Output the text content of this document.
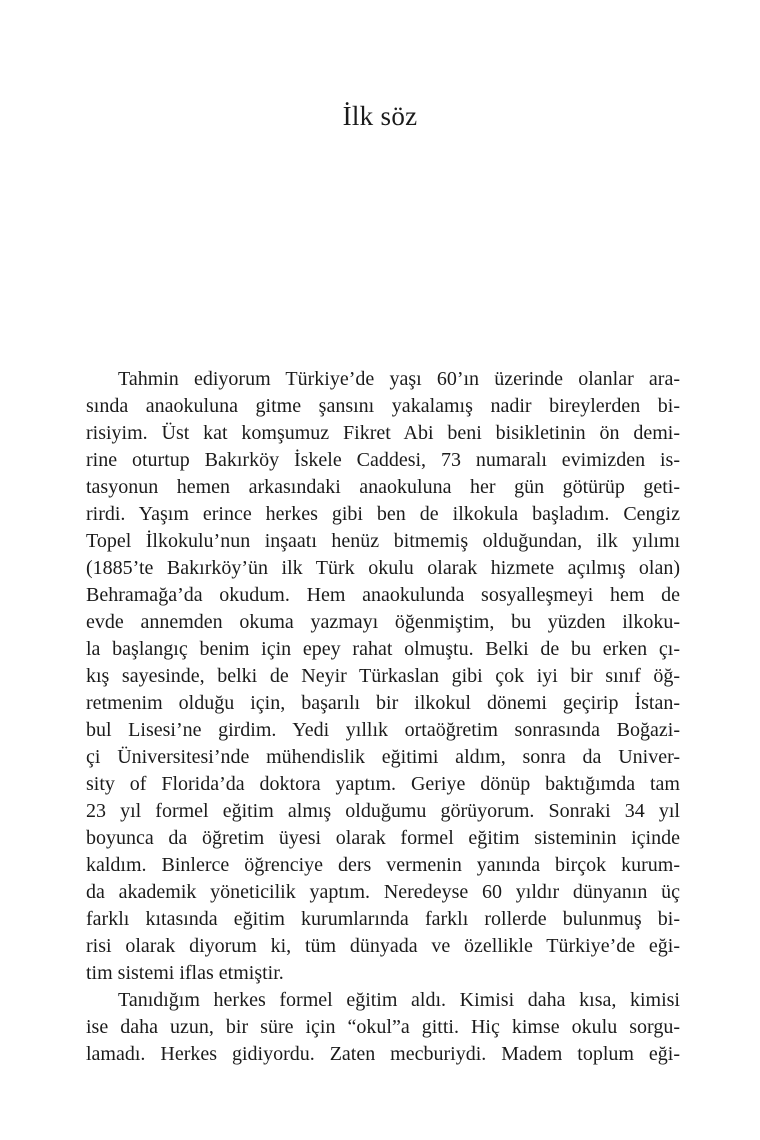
İlk söz
Tahmin ediyorum Türkiye’de yaşı 60’ın üzerinde olanlar ara-
sında anaokuluna gitme şansını yakalamış nadir bireylerden bi-
risiyim. Üst kat komşumuz Fikret Abi beni bisikletinin ön demi-
rine oturtup Bakırköy İskele Caddesi, 73 numaralı evimizden is-
tasyonun hemen arkasındaki anaokuluna her gün götürüp geti-
rirdi. Yaşım erince herkes gibi ben de ilkokula başladım. Cengiz
Topel İlkokulu’nun inşaatı henüz bitmemiş olduğundan, ilk yılımı
(1885’te Bakırköy’ün ilk Türk okulu olarak hizmete açılmış olan)
Behramağa’da okudum. Hem anaokulunda sosyalleşmeyi hem de
evde annemden okuma yazmayı öğenmiştim, bu yüzden ilkoku-
la başlangıç benim için epey rahat olmuştu. Belki de bu erken çı-
kış sayesinde, belki de Neyir Türkaslan gibi çok iyi bir sınıf öğ-
retmenim olduğu için, başarılı bir ilkokul dönemi geçirip İstan-
bul Lisesi’ne girdim. Yedi yıllık ortaöğretim sonrasında Boğazi-
çi Üniversitesi’nde mühendislik eğitimi aldım, sonra da Univer-
sity of Florida’da doktora yaptım. Geriye dönüp baktığımda tam
23 yıl formel eğitim almış olduğumu görüyorum. Sonraki 34 yıl
boyunca da öğretim üyesi olarak formel eğitim sisteminin içinde
kaldım. Binlerce öğrenciye ders vermenin yanında birçok kurum-
da akademik yöneticilik yaptım. Neredeyse 60 yıldır dünyanın üç
farklı kıtasında eğitim kurumlarında farklı rollerde bulunmuş bi-
risi olarak diyorum ki, tüm dünyada ve özellikle Türkiye’de eği-
tim sistemi iflas etmiştir.
Tanıdığım herkes formel eğitim aldı. Kimisi daha kısa, kimisi
ise daha uzun, bir süre için “okul”a gitti. Hiç kimse okulu sorgu-
lamadı. Herkes gidiyordu. Zaten mecburiydi. Madem toplum eği-
